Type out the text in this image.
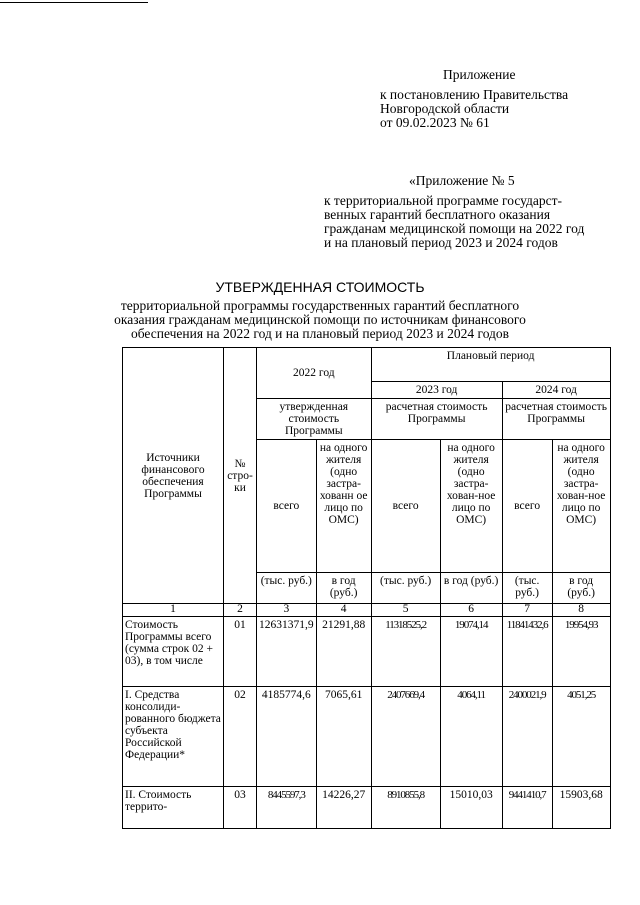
Приложение
к постановлению Правительства
Новгородской области
от 09.02.2023 № 61
«Приложение № 5
к территориальной программе государст-
венных гарантий бесплатного оказания
гражданам медицинской помощи на 2022 год
и на плановый период 2023 и 2024 годов
УТВЕРЖДЕННАЯ СТОИМОСТЬ
территориальной программы государственных гарантий бесплатного
оказания гражданам медицинской помощи по источникам финансового
обеспечения на 2022 год и на плановый период 2023 и 2024 годов
Источники финансового обеспечения Программы	№ стро-ки	2022 год		Плановый период			
				2023 год		2024 год	
		утвержденная стоимость Программы		расчетная стоимость Программы		расчетная стоимость Программы	
		всего	на одного жителя (одно застра-хованн ое лицо по ОМС)	всего	на одного жителя (одно застра-хован-ное лицо по ОМС)	всего	на одного жителя (одно застра-хован-ное лицо по ОМС)
		(тыс. руб.)	в год (руб.)	(тыс. руб.)	в год (руб.)	(тыс. руб.)	в год (руб.)
1	2	3	4	5	6	7	8
Стоимость Программы всего (сумма строк 02 + 03), в том числе	01	12631371,9	21291,88	11318525,2	19074,14	11841432,6	19954,93
I. Средства консолиди-рованного бюджета субъекта Российской Федерации*	02	4185774,6	7065,61	2407669,4	4064,11	2400021,9	4051,25
II. Стоимость террито-	03	8445597,3	14226,27	8910855,8	15010,03	9441410,7	15903,68
